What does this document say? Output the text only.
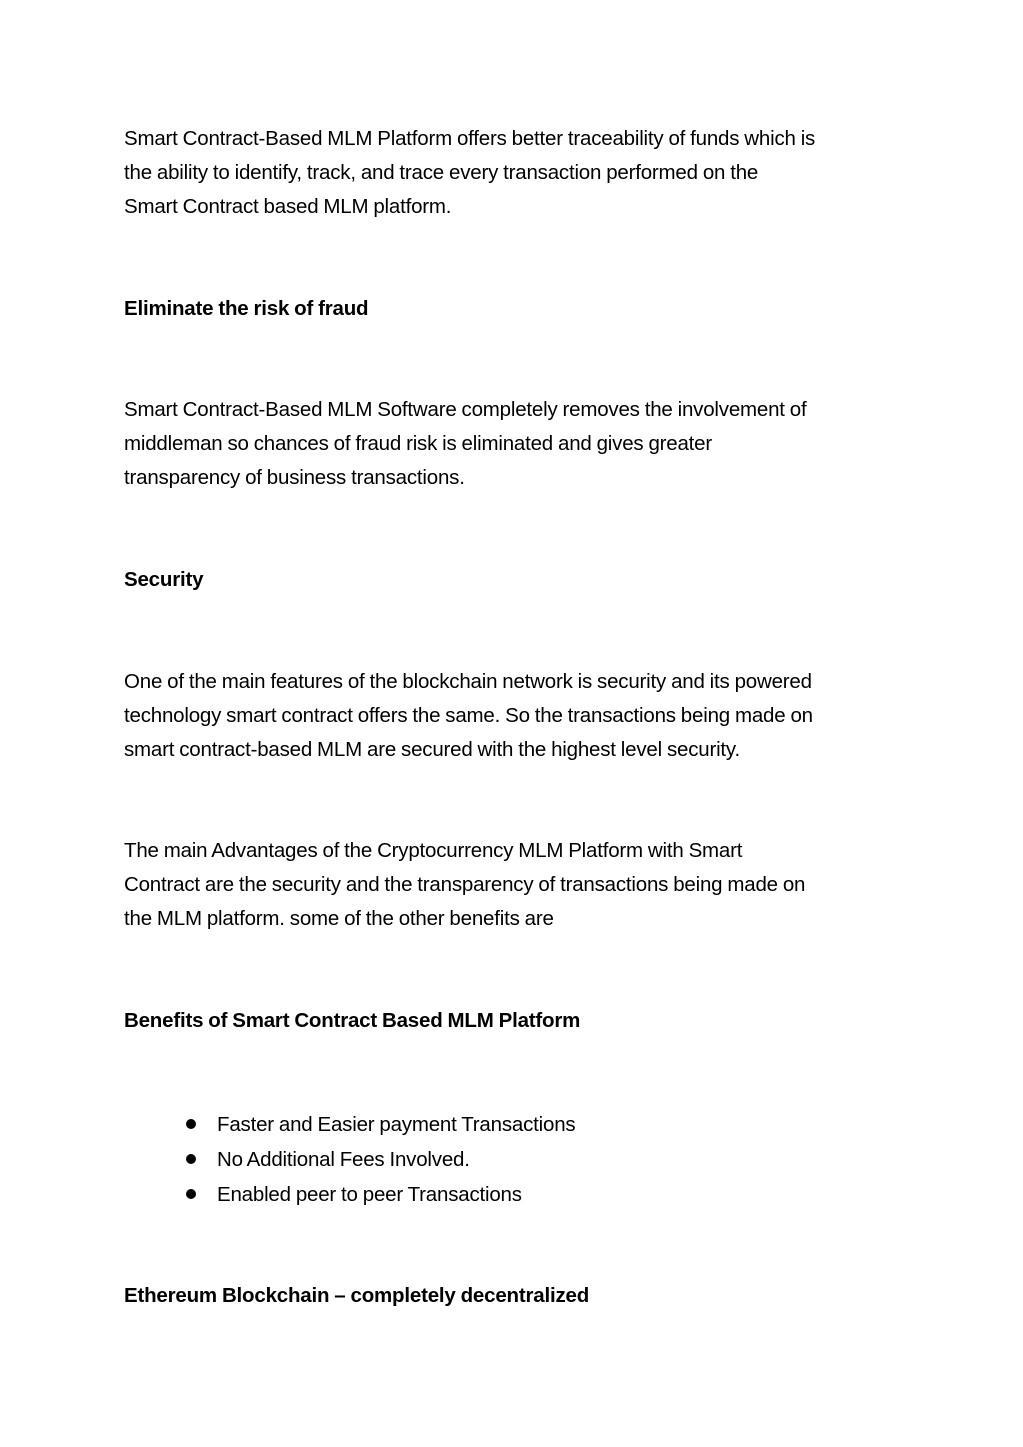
Smart Contract-Based MLM Platform offers better traceability of funds which is
the ability to identify, track, and trace every transaction performed on the
Smart Contract based MLM platform.
Eliminate the risk of fraud
Smart Contract-Based MLM Software completely removes the involvement of
middleman so chances of fraud risk is eliminated and gives greater
transparency of business transactions.
Security
One of the main features of the blockchain network is security and its powered
technology smart contract offers the same. So the transactions being made on
smart contract-based MLM are secured with the highest level security.
The main Advantages of the Cryptocurrency MLM Platform with Smart
Contract are the security and the transparency of transactions being made on
the MLM platform. some of the other benefits are
Benefits of Smart Contract Based MLM Platform
Faster and Easier payment Transactions
No Additional Fees Involved.
Enabled peer to peer Transactions
Ethereum Blockchain – completely decentralized
